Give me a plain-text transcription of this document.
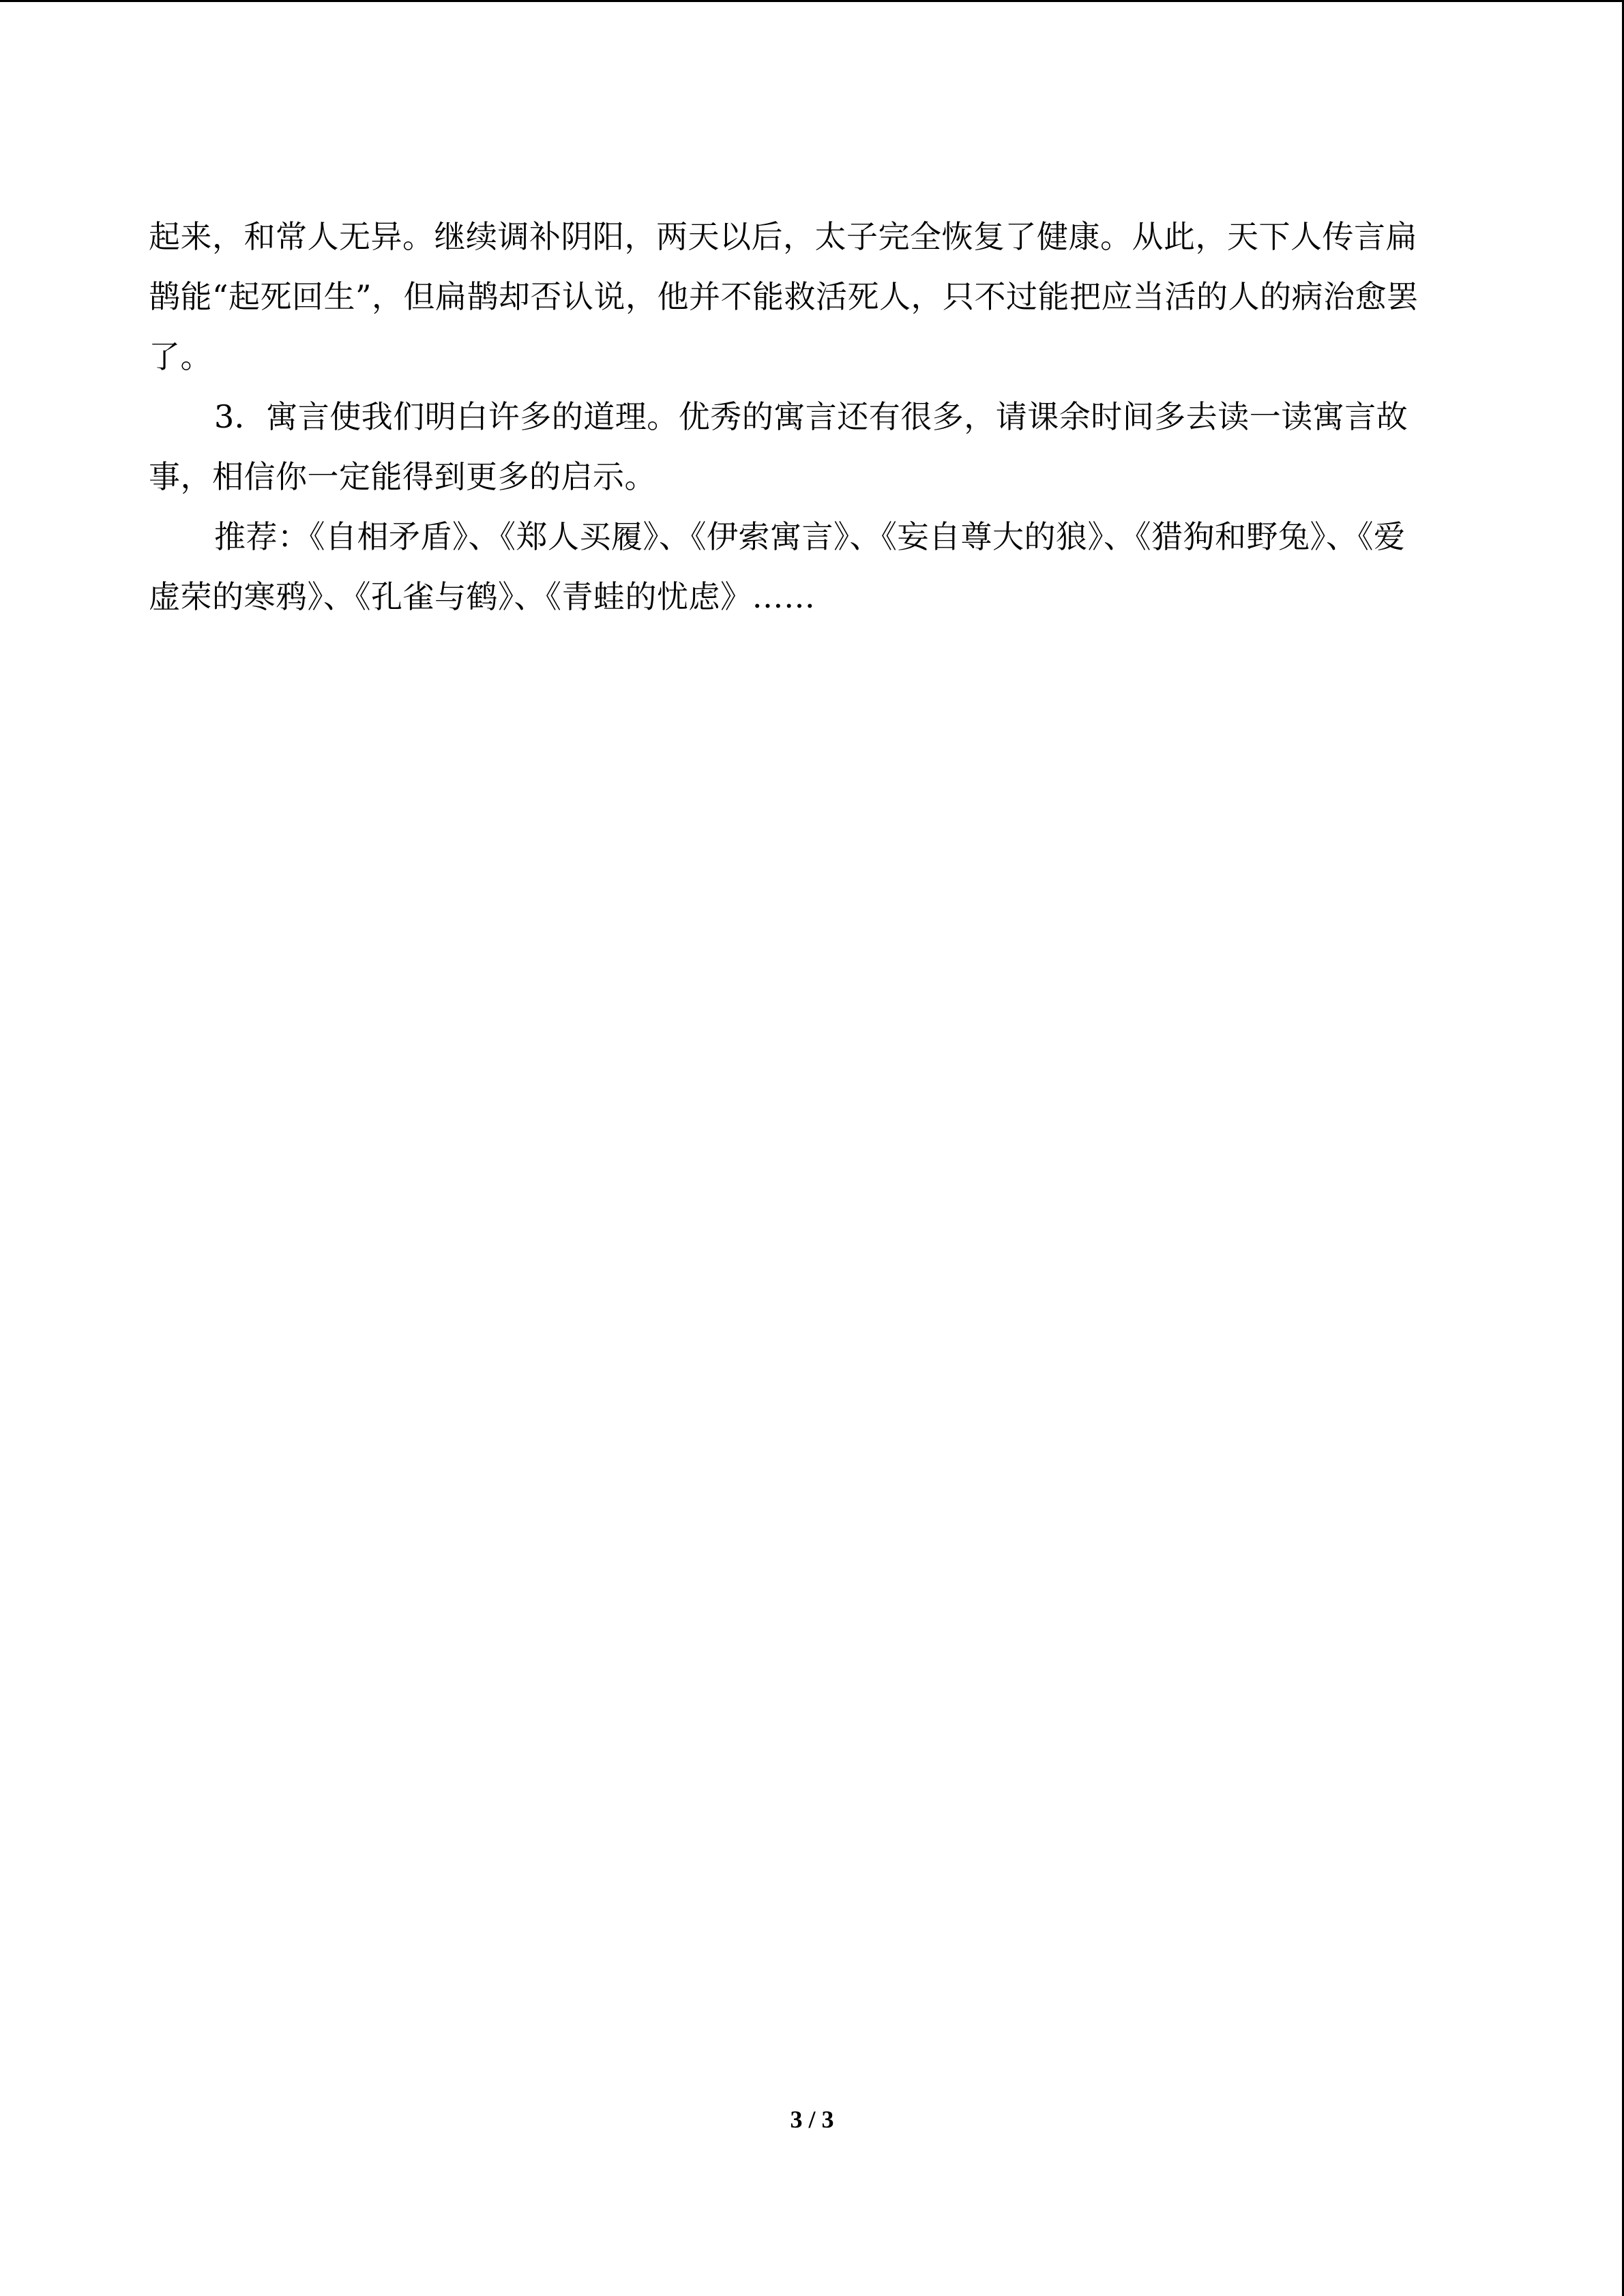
起来，和常人无异。继续调补阴阳，两天以后，太子完全恢复了健康。从此，天下人传言扁
鹊能“起死回生”，但扁鹊却否认说，他并不能救活死人，只不过能把应当活的人的病治愈罢
了。
3．寓言使我们明白许多的道理。优秀的寓言还有很多，请课余时间多去读一读寓言故
事，相信你一定能得到更多的启示。
推荐：《自相矛盾》、《郑人买履》、《伊索寓言》、《妄自尊大的狼》、《猎狗和野兔》、《爱
虚荣的寒鸦》、《孔雀与鹤》、《青蛙的忧虑》……
3 / 3
